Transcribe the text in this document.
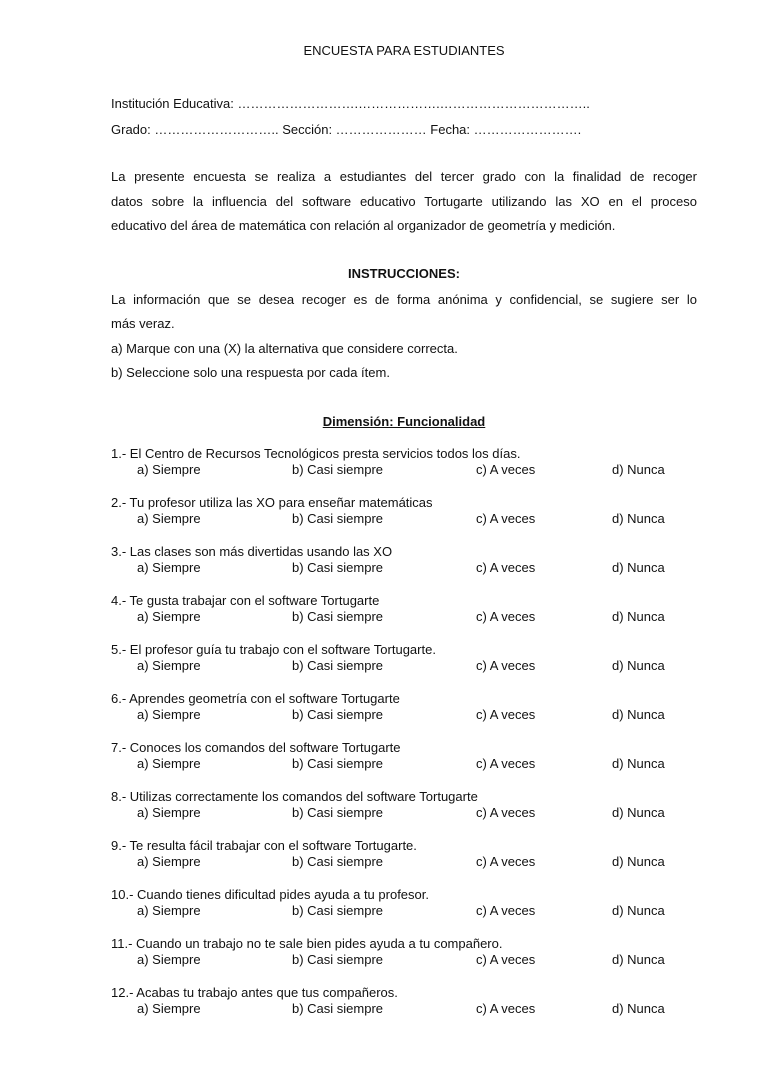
ENCUESTA PARA ESTUDIANTES
Institución Educativa: ……………………….……………….……………………………..
Grado: ……………………….. Sección: ………………… Fecha: …………………….
La presente encuesta se realiza a estudiantes del tercer grado con la finalidad de recoger
datos sobre la influencia del software educativo Tortugarte utilizando las XO en el proceso
educativo del área de matemática con relación al organizador de geometría y medición.
INSTRUCCIONES:
La información que se desea recoger es de forma anónima y confidencial, se sugiere ser lo
más veraz.
a) Marque con una (X) la alternativa que considere correcta.
b) Seleccione solo una respuesta por cada ítem.
Dimensión: Funcionalidad
1.- El Centro de Recursos Tecnológicos presta servicios todos los días.
a) Siempre	b) Casi siempre	c) A veces	d) Nunca
2.- Tu profesor utiliza las XO para enseñar matemáticas
a) Siempre	b) Casi siempre	c) A veces	d) Nunca
3.- Las clases son más divertidas usando las XO
a) Siempre	b) Casi siempre	c) A veces	d) Nunca
4.- Te gusta trabajar con el software Tortugarte
a) Siempre	b) Casi siempre	c) A veces	d) Nunca
5.- El profesor guía tu trabajo con el software Tortugarte.
a) Siempre	b) Casi siempre	c) A veces	d) Nunca
6.- Aprendes geometría con el software Tortugarte
a) Siempre	b) Casi siempre	c) A veces	d) Nunca
7.- Conoces los comandos del software Tortugarte
a) Siempre	b) Casi siempre	c) A veces	d) Nunca
8.- Utilizas correctamente los comandos del software Tortugarte
a) Siempre	b) Casi siempre	c) A veces	d) Nunca
9.- Te resulta fácil trabajar con el software Tortugarte.
a) Siempre	b) Casi siempre	c) A veces	d) Nunca
10.- Cuando tienes dificultad pides ayuda a tu profesor.
a) Siempre	b) Casi siempre	c) A veces	d) Nunca
11.- Cuando un trabajo no te sale bien pides ayuda a tu compañero.
a) Siempre	b) Casi siempre	c) A veces	d) Nunca
12.- Acabas tu trabajo antes que tus compañeros.
a) Siempre	b) Casi siempre	c) A veces	d) Nunca
